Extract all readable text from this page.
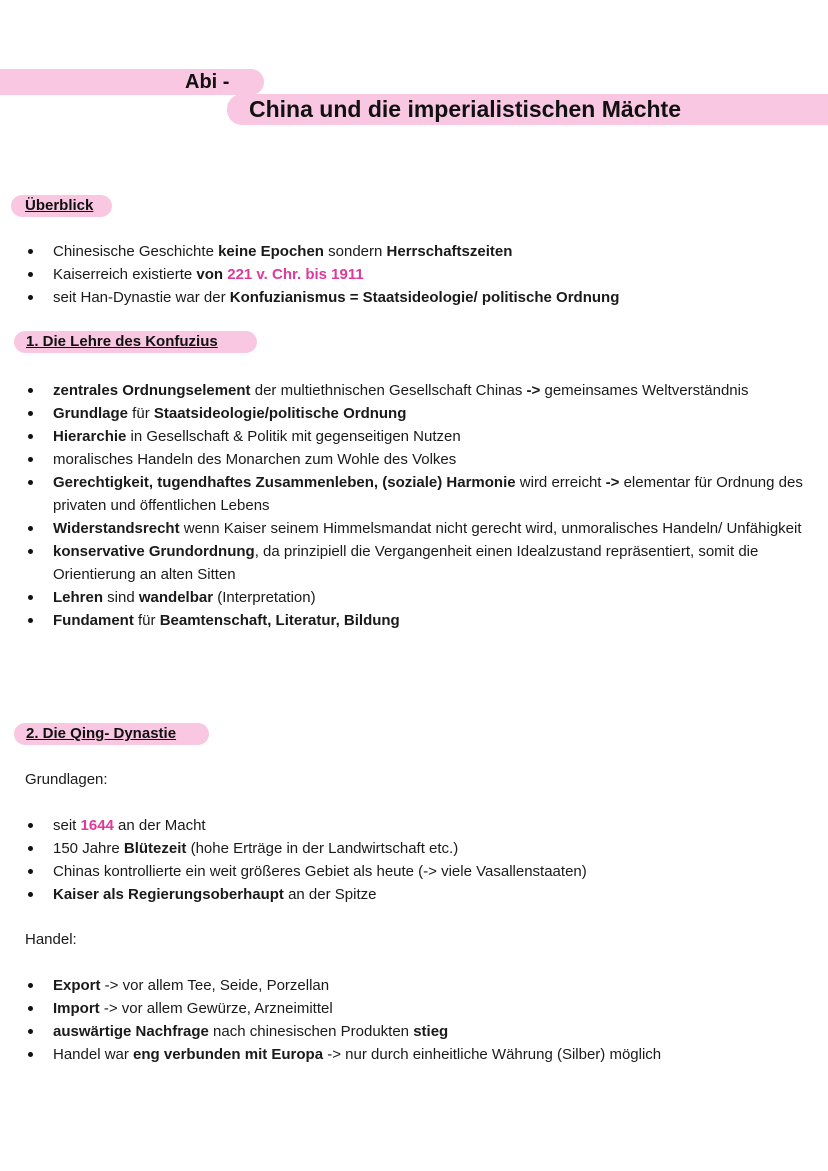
Abi -
China und die imperialistischen Mächte
Überblick
Chinesische Geschichte keine Epochen sondern Herrschaftszeiten
Kaiserreich existierte von 221 v. Chr. bis 1911
seit Han-Dynastie war der Konfuzianismus = Staatsideologie/ politische Ordnung
1. Die Lehre des Konfuzius
zentrales Ordnungselement der multiethnischen Gesellschaft Chinas -> gemeinsames Weltverständnis
Grundlage für Staatsideologie/politische Ordnung
Hierarchie in Gesellschaft & Politik mit gegenseitigen Nutzen
moralisches Handeln des Monarchen zum Wohle des Volkes
Gerechtigkeit, tugendhaftes Zusammenleben, (soziale) Harmonie wird erreicht -> elementar für Ordnung des privaten und öffentlichen Lebens
Widerstandsrecht wenn Kaiser seinem Himmelsmandat nicht gerecht wird, unmoralisches Handeln/ Unfähigkeit
konservative Grundordnung, da prinzipiell die Vergangenheit einen Idealzustand repräsentiert, somit die Orientierung an alten Sitten
Lehren sind wandelbar (Interpretation)
Fundament für Beamtenschaft, Literatur, Bildung
2. Die Qing- Dynastie
Grundlagen:
seit 1644 an der Macht
150 Jahre Blütezeit (hohe Erträge in der Landwirtschaft etc.)
Chinas kontrollierte ein weit größeres Gebiet als heute (-> viele Vasallenstaaten)
Kaiser als Regierungsoberhaupt an der Spitze
Handel:
Export -> vor allem Tee, Seide, Porzellan
Import -> vor allem Gewürze, Arzneimittel
auswärtige Nachfrage nach chinesischen Produkten stieg
Handel war eng verbunden mit Europa -> nur durch einheitliche Währung (Silber) möglich
